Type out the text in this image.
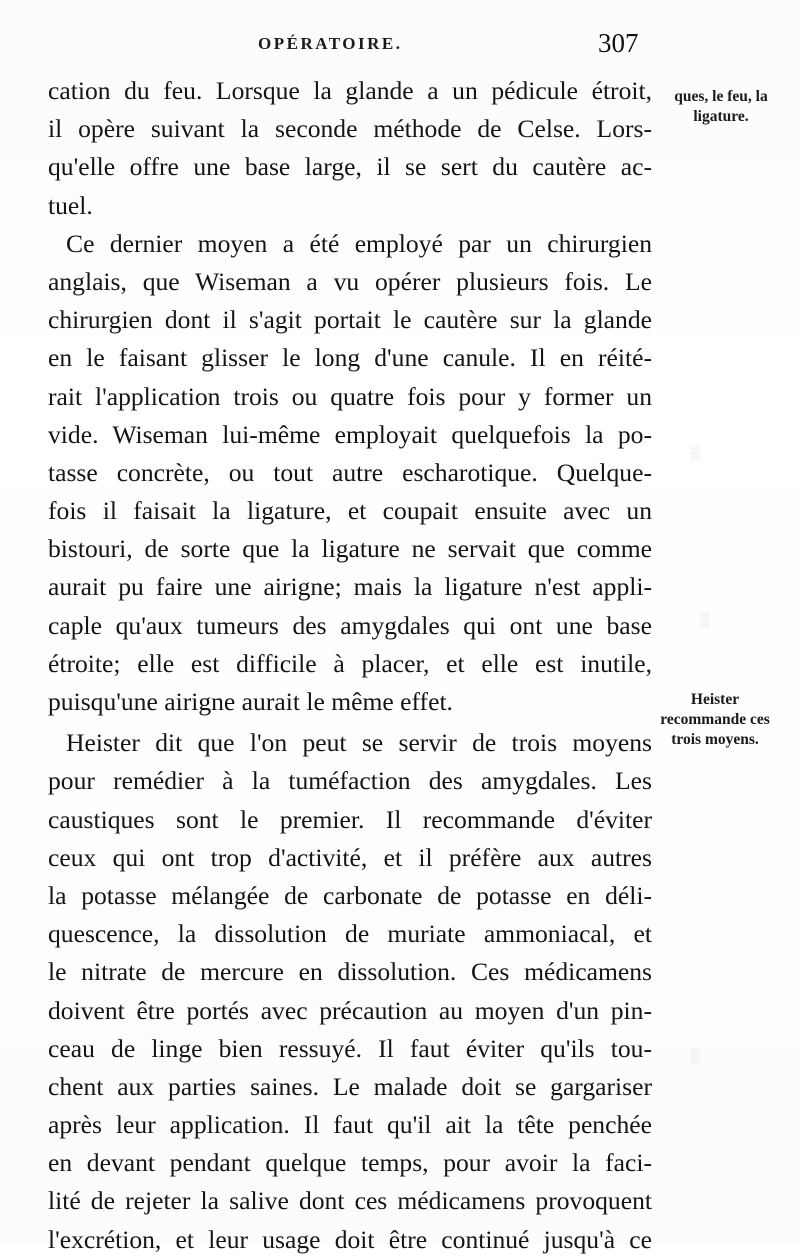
OPÉRATOIRE.	307
cation du feu. Lorsque la glande a un pédicule étroit,
il opère suivant la seconde méthode de Celse. Lors-
qu'elle offre une base large, il se sert du cautère ac-
tuel.
Ce dernier moyen a été employé par un chirurgien
anglais, que Wiseman a vu opérer plusieurs fois. Le
chirurgien dont il s'agit portait le cautère sur la glande
en le faisant glisser le long d'une canule. Il en réité-
rait l'application trois ou quatre fois pour y former un
vide. Wiseman lui-même employait quelquefois la po-
tasse concrète, ou tout autre escharotique. Quelque-
fois il faisait la ligature, et coupait ensuite avec un
bistouri, de sorte que la ligature ne servait que comme
aurait pu faire une airigne; mais la ligature n'est appli-
caple qu'aux tumeurs des amygdales qui ont une base
étroite; elle est difficile à placer, et elle est inutile,
puisqu'une airigne aurait le même effet.
Heister dit que l'on peut se servir de trois moyens
pour remédier à la tuméfaction des amygdales. Les
caustiques sont le premier. Il recommande d'éviter
ceux qui ont trop d'activité, et il préfère aux autres
la potasse mélangée de carbonate de potasse en déli-
quescence, la dissolution de muriate ammoniacal, et
le nitrate de mercure en dissolution. Ces médicamens
doivent être portés avec précaution au moyen d'un pin-
ceau de linge bien ressuyé. Il faut éviter qu'ils tou-
chent aux parties saines. Le malade doit se gargariser
après leur application. Il faut qu'il ait la tête penchée
en devant pendant quelque temps, pour avoir la faci-
lité de rejeter la salive dont ces médicamens provoquent
l'excrétion, et leur usage doit être continué jusqu'à ce
ques, le feu, la ligature.
Heister recommande ces trois moyens.
▒
▒
▒
